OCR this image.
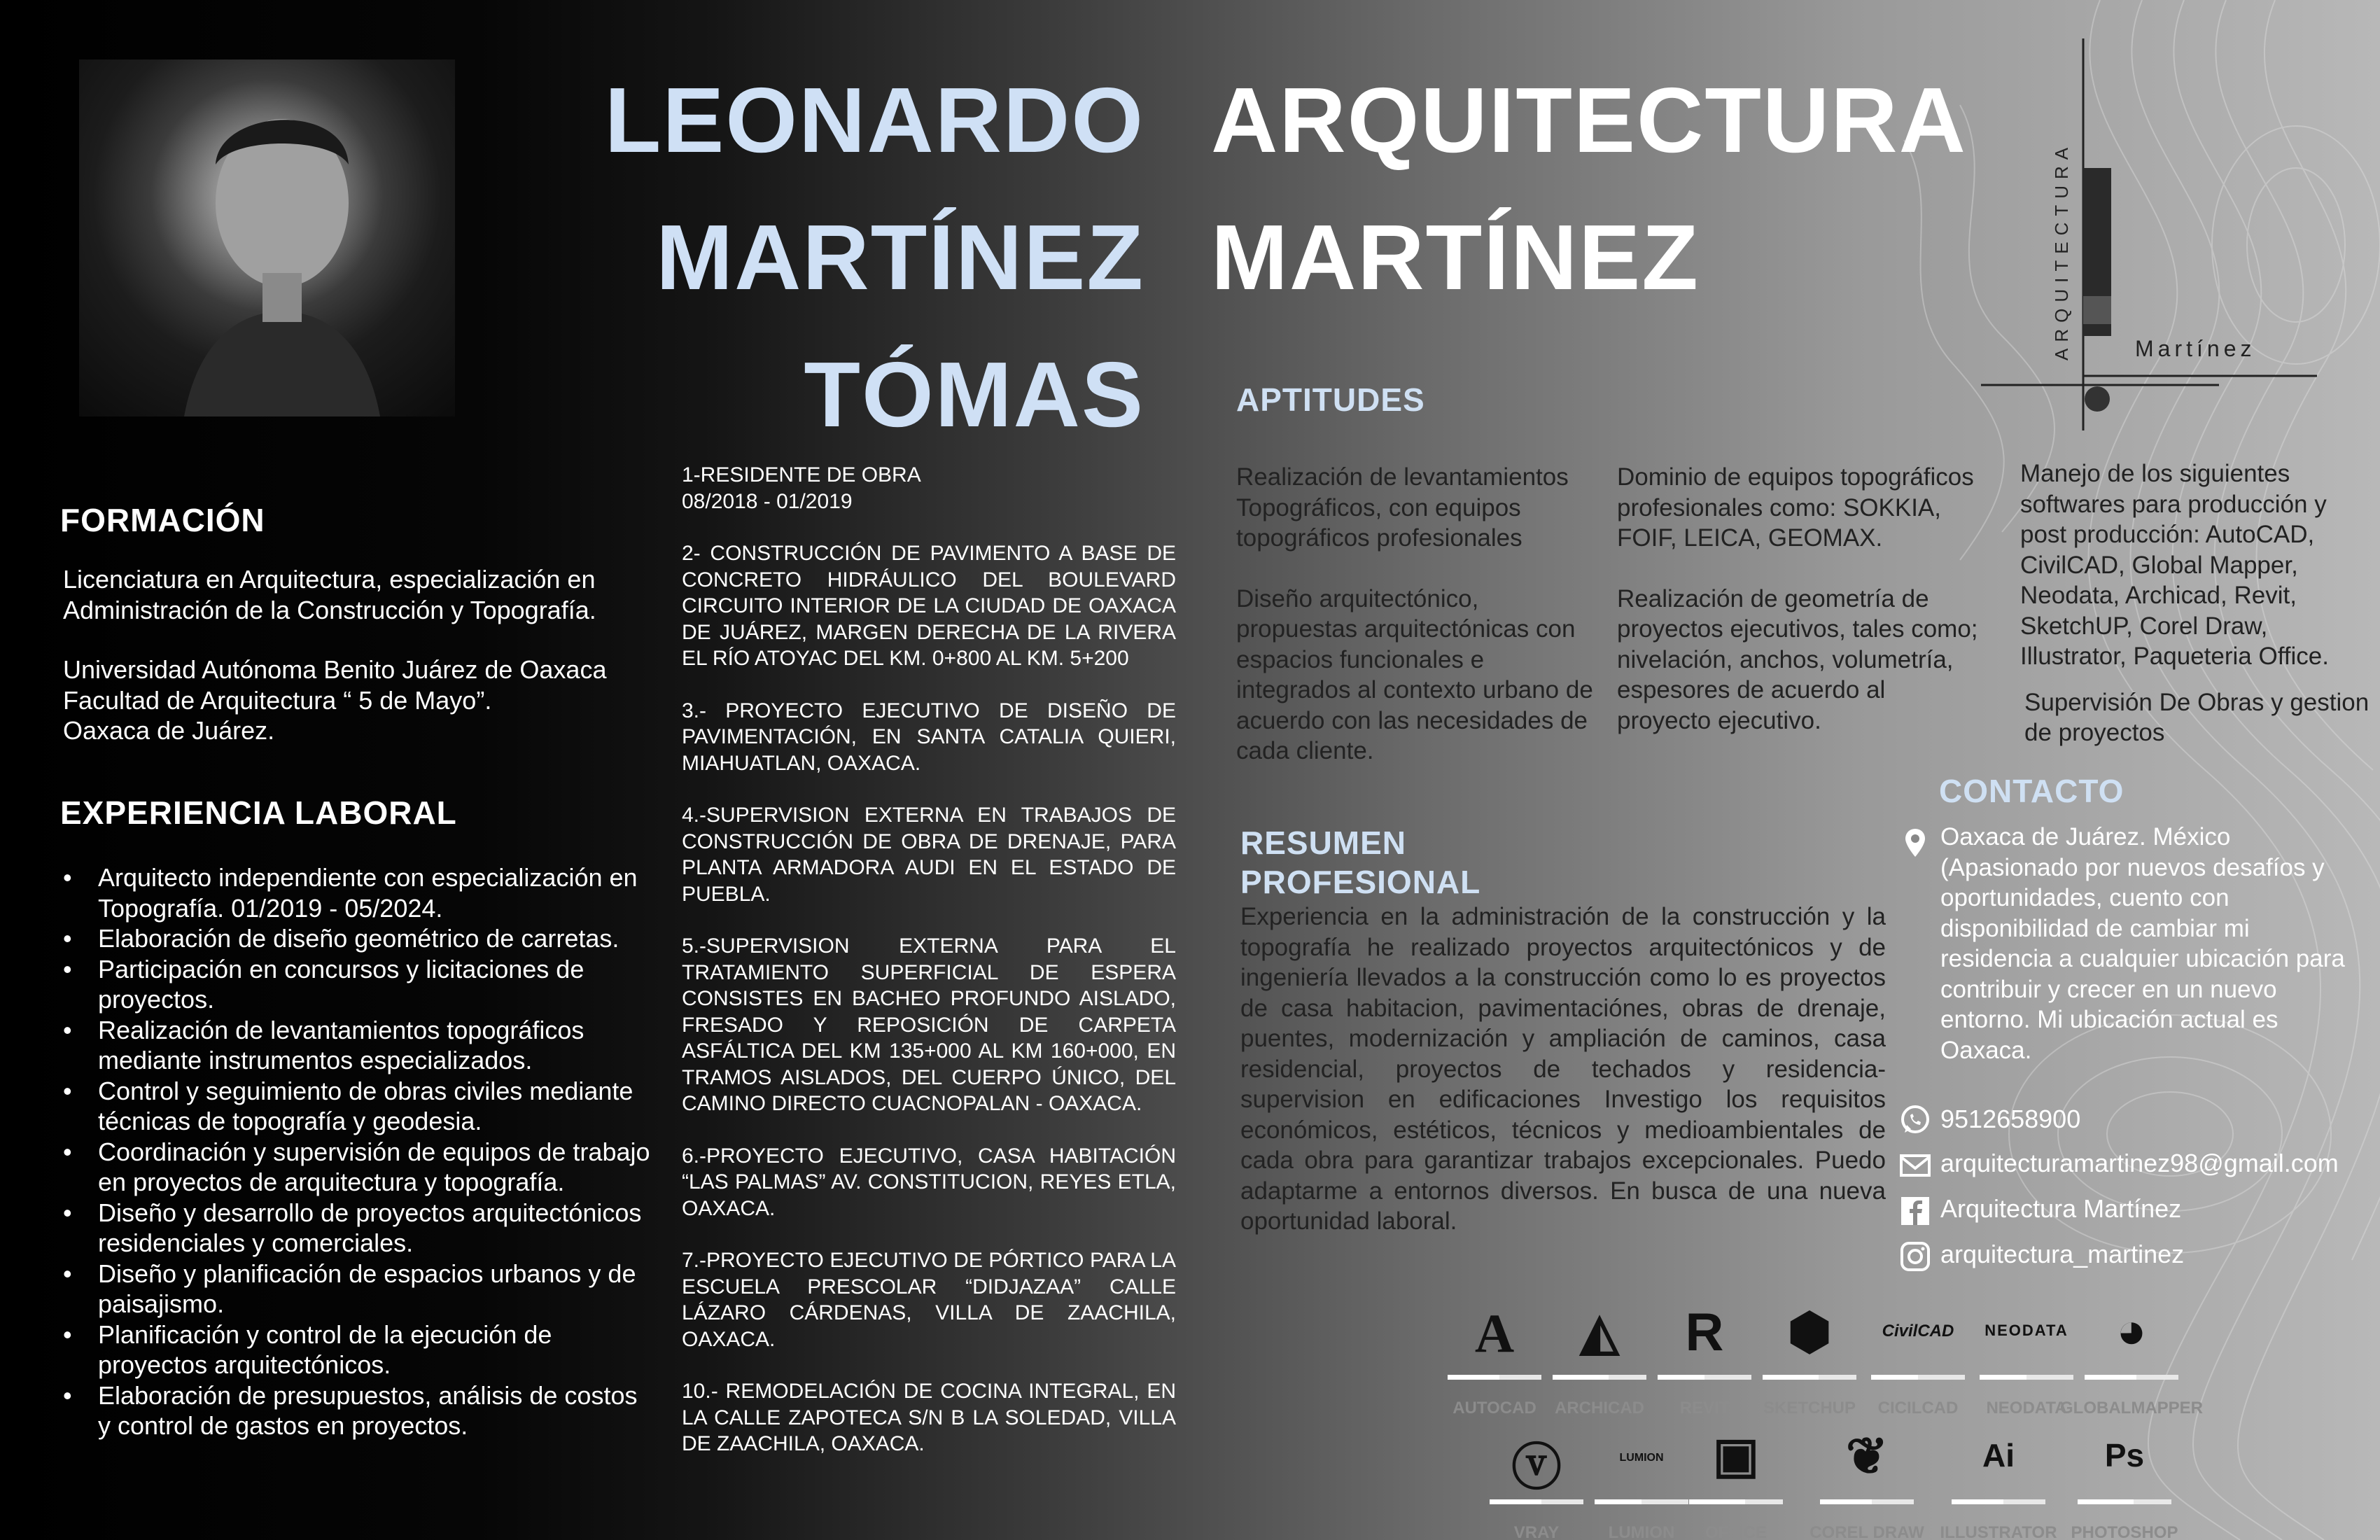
LEONARDO
MARTÍNEZ
TÓMAS
ARQUITECTURA
MARTÍNEZ	ARQUITECTURA	Martínez
FORMACIÓN
Licenciatura en Arquitectura, especialización en Administración de la Construcción y Topografía.
Universidad Autónoma Benito Juárez de Oaxaca
Facultad de Arquitectura “ 5 de Mayo”.
Oaxaca de Juárez.
EXPERIENCIA LABORAL
• Arquitecto independiente con especialización en Topografía. 01/2019 - 05/2024.
• Elaboración de diseño geométrico de carretas.
• Participación en concursos y licitaciones de proyectos.
• Realización de levantamientos topográficos mediante instrumentos especializados.
• Control y seguimiento de obras civiles mediante técnicas de topografía y geodesia.
• Coordinación y supervisión de equipos de trabajo en proyectos de arquitectura y topografía.
• Diseño y desarrollo de proyectos arquitectónicos residenciales y comerciales.
• Diseño y planificación de espacios urbanos y de paisajismo.
• Planificación y control de la ejecución de proyectos arquitectónicos.
• Elaboración de presupuestos, análisis de costos y control de gastos en proyectos.
1-RESIDENTE DE OBRA
08/2018 - 01/2019
2- CONSTRUCCIÓN DE PAVIMENTO A BASE DE CONCRETO HIDRÁULICO DEL BOULEVARD CIRCUITO INTERIOR DE LA CIUDAD DE OAXACA DE JUÁREZ, MARGEN DERECHA DE LA RIVERA EL RÍO ATOYAC DEL KM. 0+800 AL KM. 5+200
3.- PROYECTO EJECUTIVO DE DISEÑO DE PAVIMENTACIÓN, EN SANTA CATALIA QUIERI, MIAHUATLAN, OAXACA.
4.-SUPERVISION EXTERNA EN TRABAJOS DE CONSTRUCCIÓN DE OBRA DE DRENAJE, PARA PLANTA ARMADORA AUDI EN EL ESTADO DE PUEBLA.
5.-SUPERVISION EXTERNA PARA EL TRATAMIENTO SUPERFICIAL DE ESPERA CONSISTES EN BACHEO PROFUNDO AISLADO, FRESADO Y REPOSICIÓN DE CARPETA ASFÁLTICA DEL KM 135+000 AL KM 160+000, EN TRAMOS AISLADOS, DEL CUERPO ÚNICO, DEL CAMINO DIRECTO CUACNOPALAN - OAXACA.
6.-PROYECTO EJECUTIVO, CASA HABITACIÓN “LAS PALMAS” AV. CONSTITUCION, REYES ETLA, OAXACA.
7.-PROYECTO EJECUTIVO DE PÓRTICO PARA LA ESCUELA PRESCOLAR “DIDJAZAA” CALLE LÁZARO CÁRDENAS, VILLA DE ZAACHILA, OAXACA.
10.- REMODELACIÓN DE COCINA INTEGRAL, EN LA CALLE ZAPOTECA S/N B LA SOLEDAD, VILLA DE ZAACHILA, OAXACA.
APTITUDES
Realización de levantamientos Topográficos, con equipos topográficos profesionales
Diseño arquitectónico, propuestas arquitectónicas con espacios funcionales e integrados al contexto urbano de acuerdo con las necesidades de cada cliente.
Dominio de equipos topográficos profesionales como: SOKKIA, FOIF, LEICA, GEOMAX.
Realización de geometría de proyectos ejecutivos, tales como; nivelación, anchos, volumetría, espesores de acuerdo al proyecto ejecutivo.
Manejo de los siguientes softwares para producción y post producción: AutoCAD, CivilCAD, Global Mapper, Neodata, Archicad, Revit, SketchUP, Corel Draw, Illustrator, Paqueteria Office.
Supervisión De Obras y gestion de proyectos
RESUMEN
PROFESIONAL
Experiencia en la administración de la construcción y la topografía he realizado proyectos arquitectónicos y de ingeniería llevados a la construcción como lo es proyectos de casa habitacion, pavimentaciónes, obras de drenaje, puentes, modernización y ampliación de caminos, casa residencial, proyectos de techados y residencia-supervision en edificaciones Investigo los requisitos económicos, estéticos, técnicos y medioambientales de cada obra para garantizar trabajos excepcionales. Puedo adaptarme a entornos diversos. En busca de una nueva oportunidad laboral.
CONTACTO
Oaxaca de Juárez. México (Apasionado por nuevos desafíos y oportunidades, cuento con disponibilidad de cambiar mi residencia a cualquier ubicación para contribuir y crecer en un nuevo entorno. Mi ubicación actual es Oaxaca.
9512658900
arquitecturamartinez98@gmail.com
Arquitectura Martínez
arquitectura_martinez
A
AUTOCAD
◭
ARCHICAD
R
REVIT
⬢
SKETCHUP
CivilCAD
CICILCAD
NEODATA
NEODATA
◕
GLOBALMAPPER
ⓥ
VRAY
LUMION
LUMION
▣
OFFICE
❦
COREL DRAW
Ai
ILLUSTRATOR
Ps
PHOTOSHOP
